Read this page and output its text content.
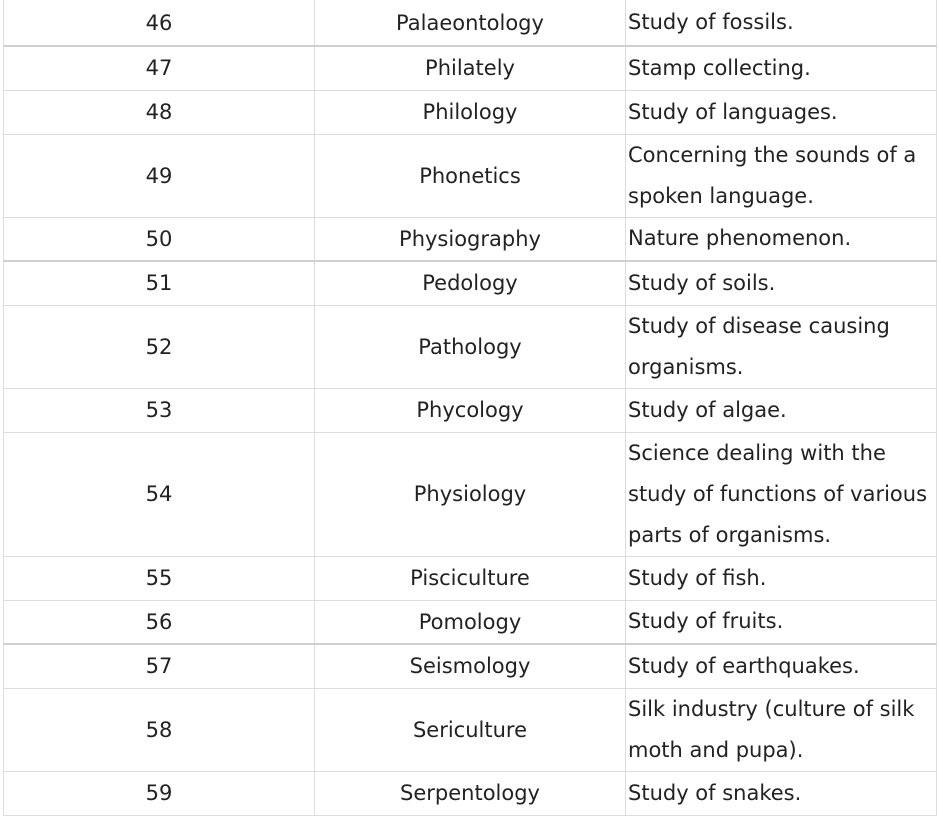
46	Palaeontology	Study of fossils.
47	Philately	Stamp collecting.
48	Philology	Study of languages.
49	Phonetics	Concerning the sounds of a spoken language.
50	Physiography	Nature phenomenon.
51	Pedology	Study of soils.
52	Pathology	Study of disease causing organisms.
53	Phycology	Study of algae.
54	Physiology	Science dealing with the study of functions of various parts of organisms.
55	Pisciculture	Study of fish.
56	Pomology	Study of fruits.
57	Seismology	Study of earthquakes.
58	Sericulture	Silk industry (culture of silk moth and pupa).
59	Serpentology	Study of snakes.
